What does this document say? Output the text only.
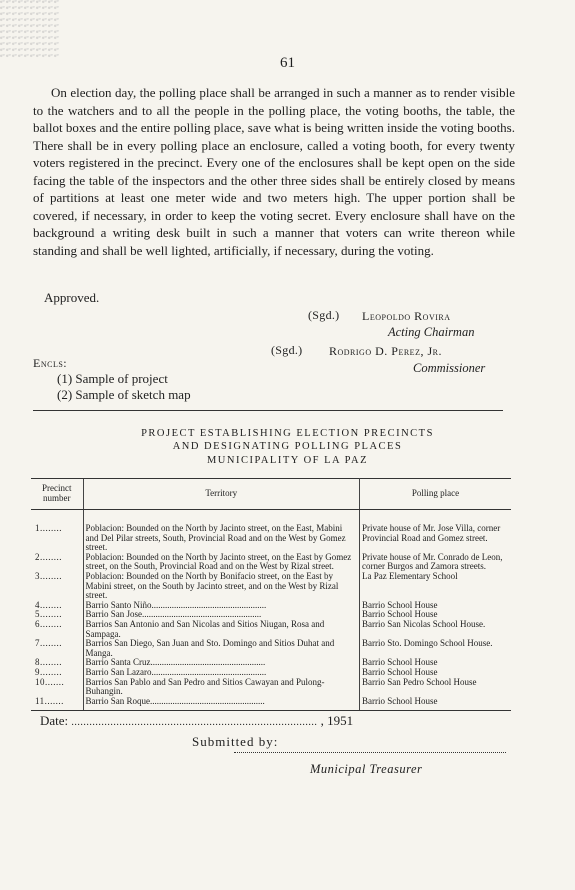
61
On election day, the polling place shall be arranged in such a manner as to render visible to the watchers and to all the people in the polling place, the voting booths, the table, the ballot boxes and the entire polling place, save what is being written inside the voting booths. There shall be in every polling place an enclosure, called a voting booth, for every twenty voters registered in the precinct. Every one of the enclosures shall be kept open on the side facing the table of the inspectors and the other three sides shall be entirely closed by means of partitions at least one meter wide and two meters high. The upper portion shall be covered, if necessary, in order to keep the voting secret. Every enclosure shall have on the background a writing desk built in such a manner that voters can write thereon while standing and shall be well lighted, artificially, if necessary, during the voting.
Approved.
(Sgd.) Leopoldo Rovira
Acting Chairman
(Sgd.) Rodrigo D. Perez, Jr.
Commissioner
Encls:
(1) Sample of project
(2) Sample of sketch map
PROJECT ESTABLISHING ELECTION PRECINCTS
AND DESIGNATING POLLING PLACES
MUNICIPALITY OF LA PAZ
Precinct number	Territory	Polling place
1........	Poblacion: Bounded on the North by Jacinto street, on the East, Mabini and Del Pilar streets, South, Provincial Road and on the West by Gomez street.	Private house of Mr. Jose Villa, corner Provincial Road and Gomez street.
2........	Poblacion: Bounded on the North by Jacinto street, on the East by Gomez street, on the South, Provincial Road and on the West by Rizal street.	Private house of Mr. Conrado de Leon, corner Burgos and Zamora streets.
3........	Poblacion: Bounded on the North by Bonifacio street, on the East by Mabini street, on the South by Jacinto street, and on the West by Rizal street.	La Paz Elementary School
4........	Barrio Santo Niño...................................................	Barrio School House
5........	Barrio San Jose.....................................................	Barrio School House
6........	Barrios San Antonio and San Nicolas and Sitios Niugan, Rosa and Sampaga.	Barrio San Nicolas School House.
7........	Barrios San Diego, San Juan and Sto. Domingo and Sitios Duhat and Manga.	Barrio Sto. Domingo School House.
8........	Barrio Santa Cruz...................................................	Barrio School House
9........	Barrio San Lazaro...................................................	Barrio School House
10.......	Barrios San Pablo and San Pedro and Sitios Cawayan and Pulong-Buhangin.	Barrio San Pedro School House
11.......	Barrio San Roque...................................................	Barrio School House
Date: .................................................................................. , 1951
Submitted by:
Municipal Treasurer
